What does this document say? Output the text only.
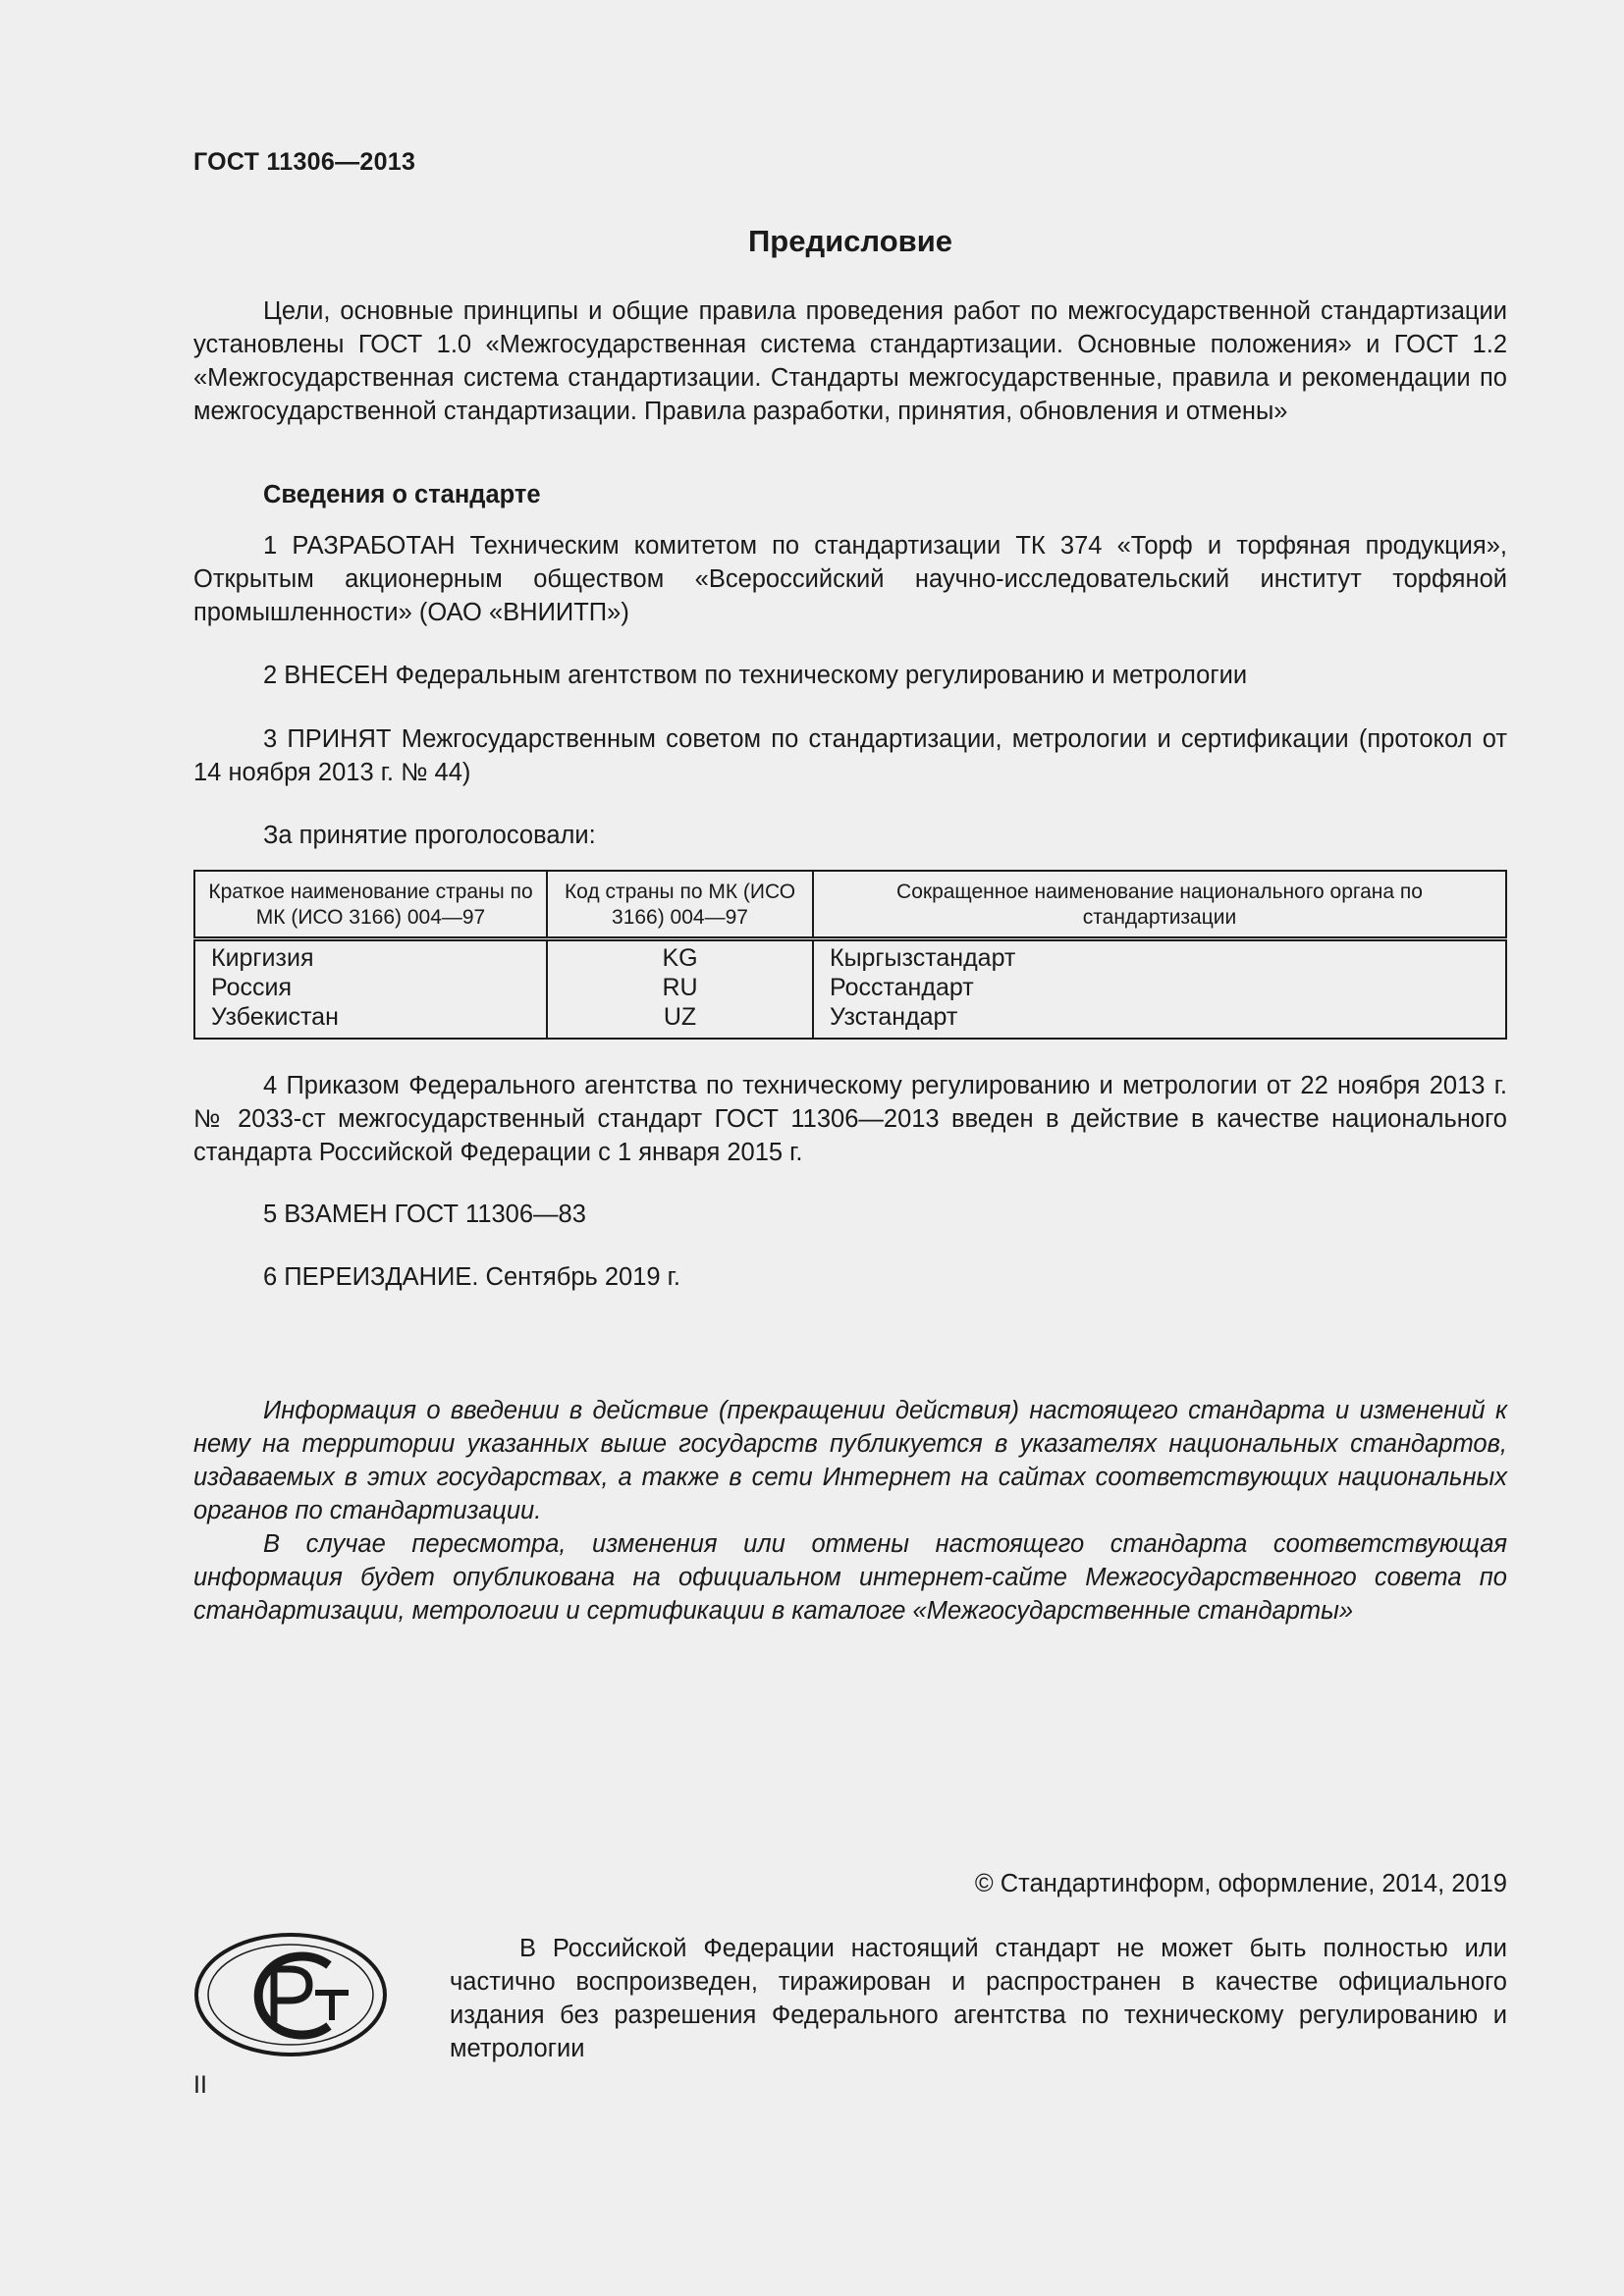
ГОСТ 11306—2013
Предисловие

Цели, основные принципы и общие правила проведения работ по межгосударственной стандартизации установлены ГОСТ 1.0 «Межгосударственная система стандартизации. Основные положения» и ГОСТ 1.2 «Межгосударственная система стандартизации. Стандарты межгосударственные, правила и рекомендации по межгосударственной стандартизации. Правила разработки, принятия, обновления и отмены»

Сведения о стандарте

1 РАЗРАБОТАН Техническим комитетом по стандартизации ТК 374 «Торф и торфяная продукция», Открытым акционерным обществом «Всероссийский научно-исследовательский институт торфяной промышленности» (ОАО «ВНИИТП»)

2 ВНЕСЕН Федеральным агентством по техническому регулированию и метрологии

3 ПРИНЯТ Межгосударственным советом по стандартизации, метрологии и сертификации (протокол от 14 ноября 2013 г. № 44)

За принятие проголосовали:

Краткое наименование страны по МК (ИСО 3166) 004—97	Код страны по МК (ИСО 3166) 004—97	Сокращенное наименование национального органа по стандартизации
Киргизия	KG	Кыргызстандарт
Россия	RU	Росстандарт
Узбекистан	UZ	Узстандарт

4 Приказом Федерального агентства по техническому регулированию и метрологии от 22 ноября 2013 г. № 2033-ст межгосударственный стандарт ГОСТ 11306—2013 введен в действие в качестве национального стандарта Российской Федерации с 1 января 2015 г.

5 ВЗАМЕН ГОСТ 11306—83

6 ПЕРЕИЗДАНИЕ. Сентябрь 2019 г.

Информация о введении в действие (прекращении действия) настоящего стандарта и изменений к нему на территории указанных выше государств публикуется в указателях национальных стандартов, издаваемых в этих государствах, а также в сети Интернет на сайтах соответствующих национальных органов по стандартизации.

В случае пересмотра, изменения или отмены настоящего стандарта соответствующая информация будет опубликована на официальном интернет-сайте Межгосударственного совета по стандартизации, метрологии и сертификации в каталоге «Межгосударственные стандарты»

© Стандартинформ, оформление, 2014, 2019

В Российской Федерации настоящий стандарт не может быть полностью или частично воспроизведен, тиражирован и распространен в качестве официального издания без разрешения Федерального агентства по техническому регулированию и метрологии

II
